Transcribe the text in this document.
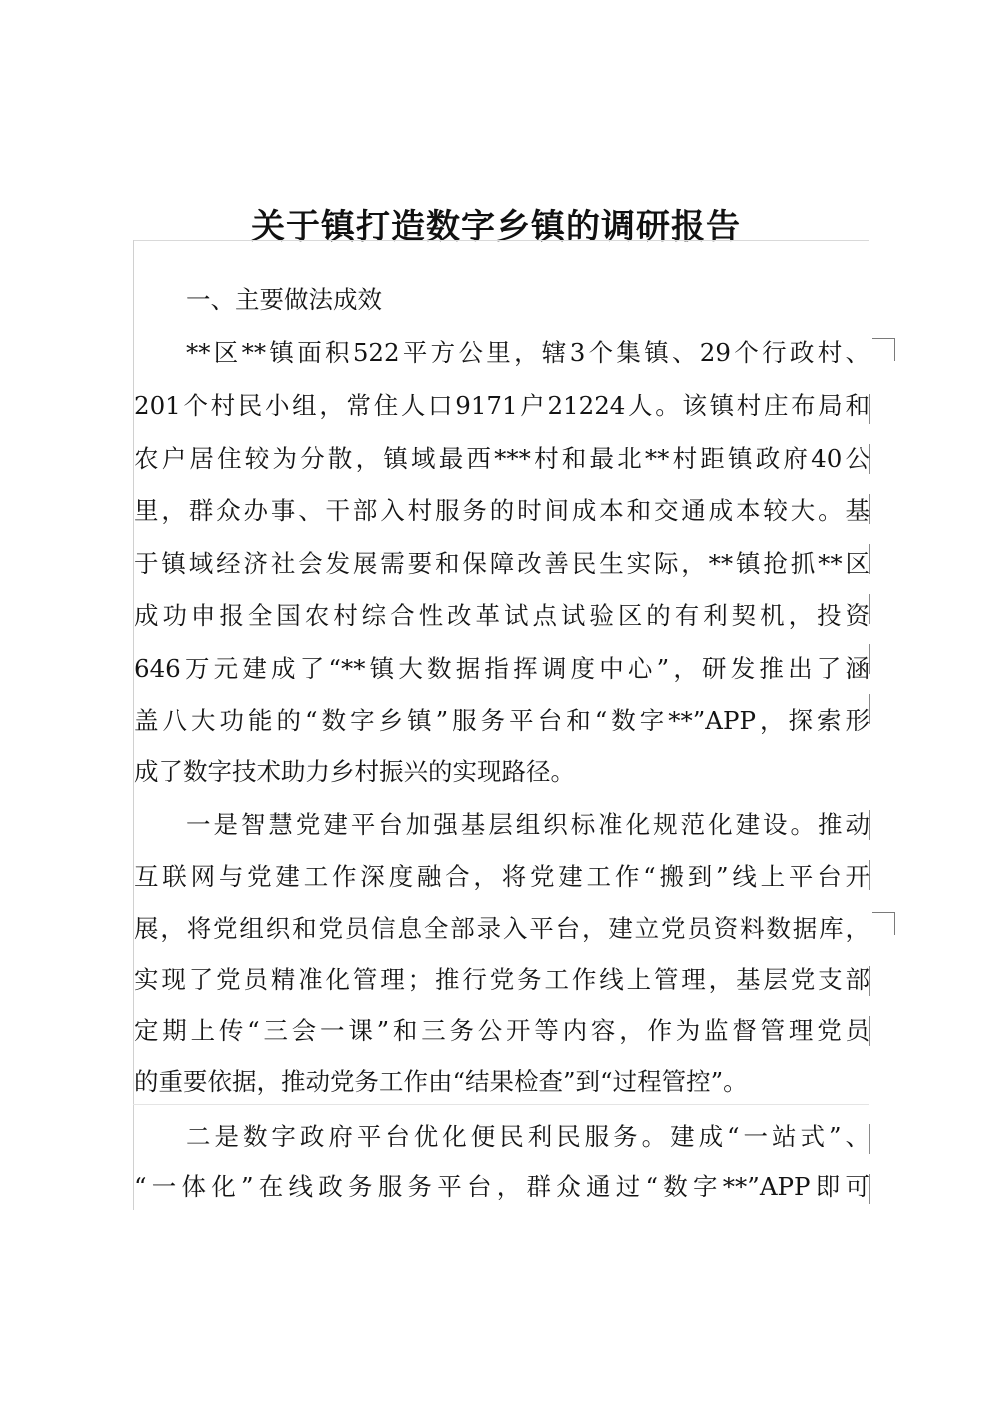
关于镇打造数字乡镇的调研报告
一、主要做法成效
**区**镇面积522平方公里，辖3个集镇、29个行政村、
201个村民小组，常住人口9171户21224人。该镇村庄布局和
农户居住较为分散，镇域最西***村和最北**村距镇政府40公
里，群众办事、干部入村服务的时间成本和交通成本较大。基
于镇域经济社会发展需要和保障改善民生实际，**镇抢抓**区
成功申报全国农村综合性改革试点试验区的有利契机，投资
646万元建成了“**镇大数据指挥调度中心”，研发推出了涵
盖八大功能的“数字乡镇”服务平台和“数字**”APP，探索形
成了数字技术助力乡村振兴的实现路径。
一是智慧党建平台加强基层组织标准化规范化建设。推动
互联网与党建工作深度融合，将党建工作“搬到”线上平台开
展，将党组织和党员信息全部录入平台，建立党员资料数据库，
实现了党员精准化管理；推行党务工作线上管理，基层党支部
定期上传“三会一课”和三务公开等内容，作为监督管理党员
的重要依据，推动党务工作由“结果检查”到“过程管控”。
二是数字政府平台优化便民利民服务。建成“一站式”、
“一体化”在线政务服务平台，群众通过“数字**”APP即可
